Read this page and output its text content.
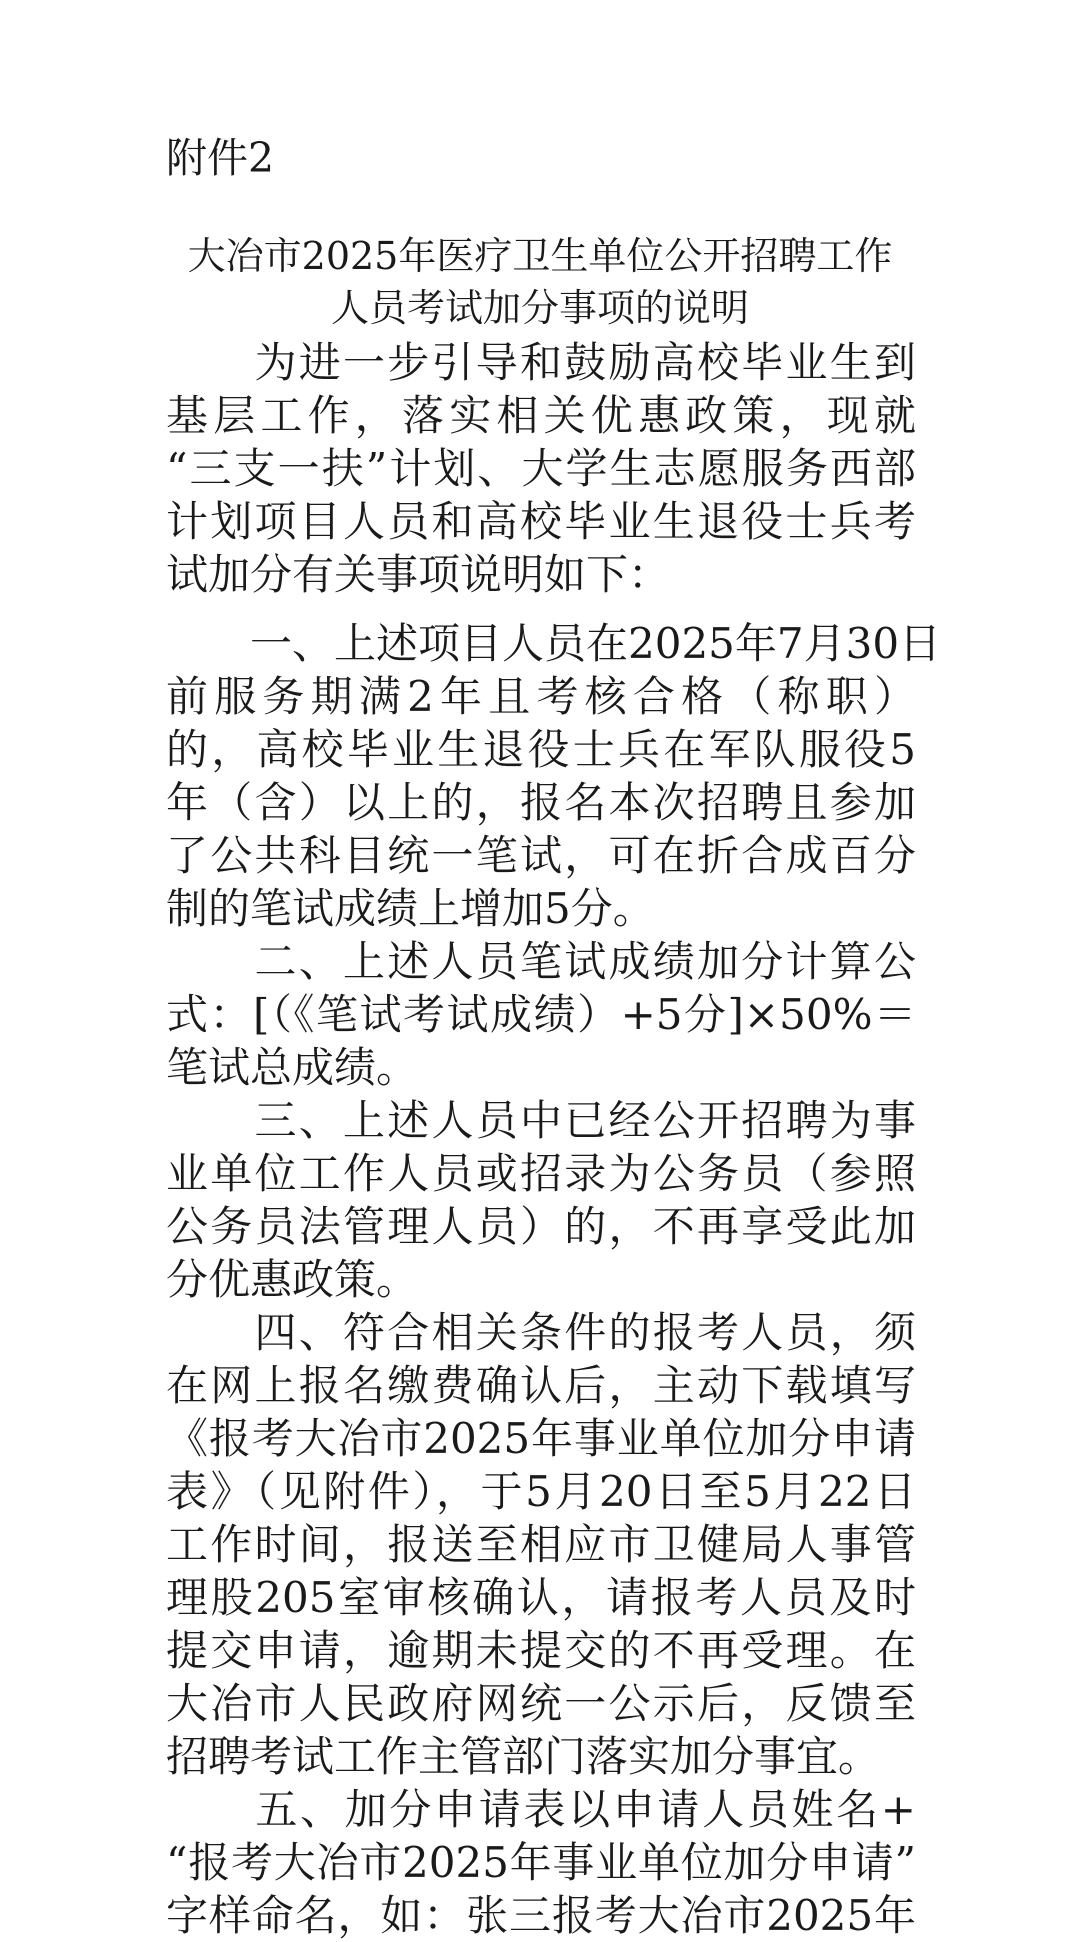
附件2
大冶市2025年医疗卫生单位公开招聘工作
人员考试加分事项的说明

　　为进一步引导和鼓励高校毕业生到
基层工作，落实相关优惠政策，现就
“三支一扶”计划、大学生志愿服务西部
计划项目人员和高校毕业生退役士兵考
试加分有关事项说明如下：

　　一、上述项目人员在2025年7月30日
前服务期满2年且考核合格（称职）
的，高校毕业生退役士兵在军队服役5
年（含）以上的，报名本次招聘且参加
了公共科目统一笔试，可在折合成百分
制的笔试成绩上增加5分。

　　二、上述人员笔试成绩加分计算公
式：[（《笔试考试成绩）+5分]×50%＝
笔试总成绩。

　　三、上述人员中已经公开招聘为事
业单位工作人员或招录为公务员（参照
公务员法管理人员）的，不再享受此加
分优惠政策。

　　四、符合相关条件的报考人员，须
在网上报名缴费确认后，主动下载填写
《报考大冶市2025年事业单位加分申请
表》（见附件），于5月20日至5月22日
工作时间，报送至相应市卫健局人事管
理股205室审核确认，请报考人员及时
提交申请，逾期未提交的不再受理。在
大冶市人民政府网统一公示后，反馈至
招聘考试工作主管部门落实加分事宜。

　　五、加分申请表以申请人员姓名+
“报考大冶市2025年事业单位加分申请”
字样命名，如：张三报考大冶市2025年
